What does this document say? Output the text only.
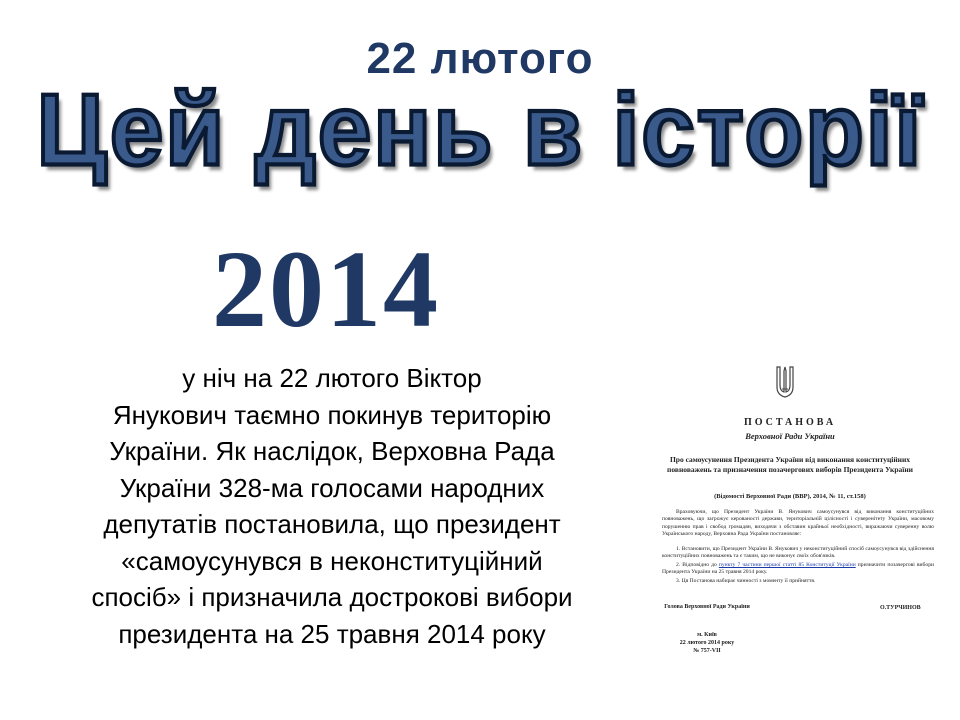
22 лютого
Цей день в історії
2014
у ніч на 22 лютого Віктор
Янукович таємно покинув територію
України. Як наслідок, Верховна Рада
України 328-ма голосами народних
депутатів постановила, що президент
«самоусунувся в неконституційний
спосіб» і призначила дострокові вибори
президента на 25 травня 2014 року
ПОСТАНОВА
Верховної Ради України
Про самоусунення Президента України від виконання конституційних повноважень та призначення позачергових виборів Президента України
(Відомості Верховної Ради (ВВР), 2014, № 11, ст.158)
Враховуючи, що Президент України В. Янукович самоусунувся від виконання конституційних повноважень, що загрожує керованості держави, територіальній цілісності і суверенітету України, масовому порушенню прав і свобод громадян, виходячи з обставин крайньої необхідності, виражаючи суверенну волю Українського народу, Верховна Рада України постановляє:
1. Встановити, що Президент України В. Янукович у неконституційний спосіб самоусунувся від здійснення конституційних повноважень та є таким, що не виконує своїх обов'язків.
2. Відповідно до пункту 7 частини першої статті 85 Конституції України призначити позачергові вибори Президента України на 25 травня 2014 року.
3. Ця Постанова набирає чинності з моменту її прийняття.
Голова Верховної Ради України	О.ТУРЧИНОВ
м. Київ
22 лютого 2014 року
№ 757-VII
